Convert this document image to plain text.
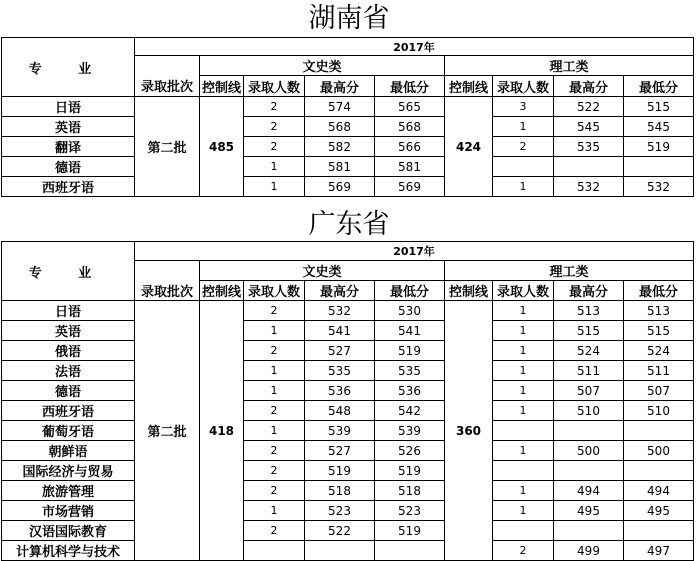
湖南省
专 业	2017年								
		文史类				理工类			
	录取批次	控制线	录取人数	最高分	最低分	控制线	录取人数	最高分	最低分
日语	第二批	485	2	574	565	424	3	522	515
英语			2	568	568		1	545	545
翻译			2	582	566		2	535	519
德语			1	581	581				
西班牙语			1	569	569		1	532	532
广东省
专 业	2017年								
		文史类				理工类			
	录取批次	控制线	录取人数	最高分	最低分	控制线	录取人数	最高分	最低分
日语	第二批	418	2	532	530	360	1	513	513
英语			1	541	541		1	515	515
俄语			2	527	519		1	524	524
法语			1	535	535		1	511	511
德语			1	536	536		1	507	507
西班牙语			2	548	542		1	510	510
葡萄牙语			1	539	539				
朝鲜语			2	527	526		1	500	500
国际经济与贸易			2	519	519				
旅游管理			2	518	518		1	494	494
市场营销			1	523	523		1	495	495
汉语国际教育			2	522	519				
计算机科学与技术							2	499	497
